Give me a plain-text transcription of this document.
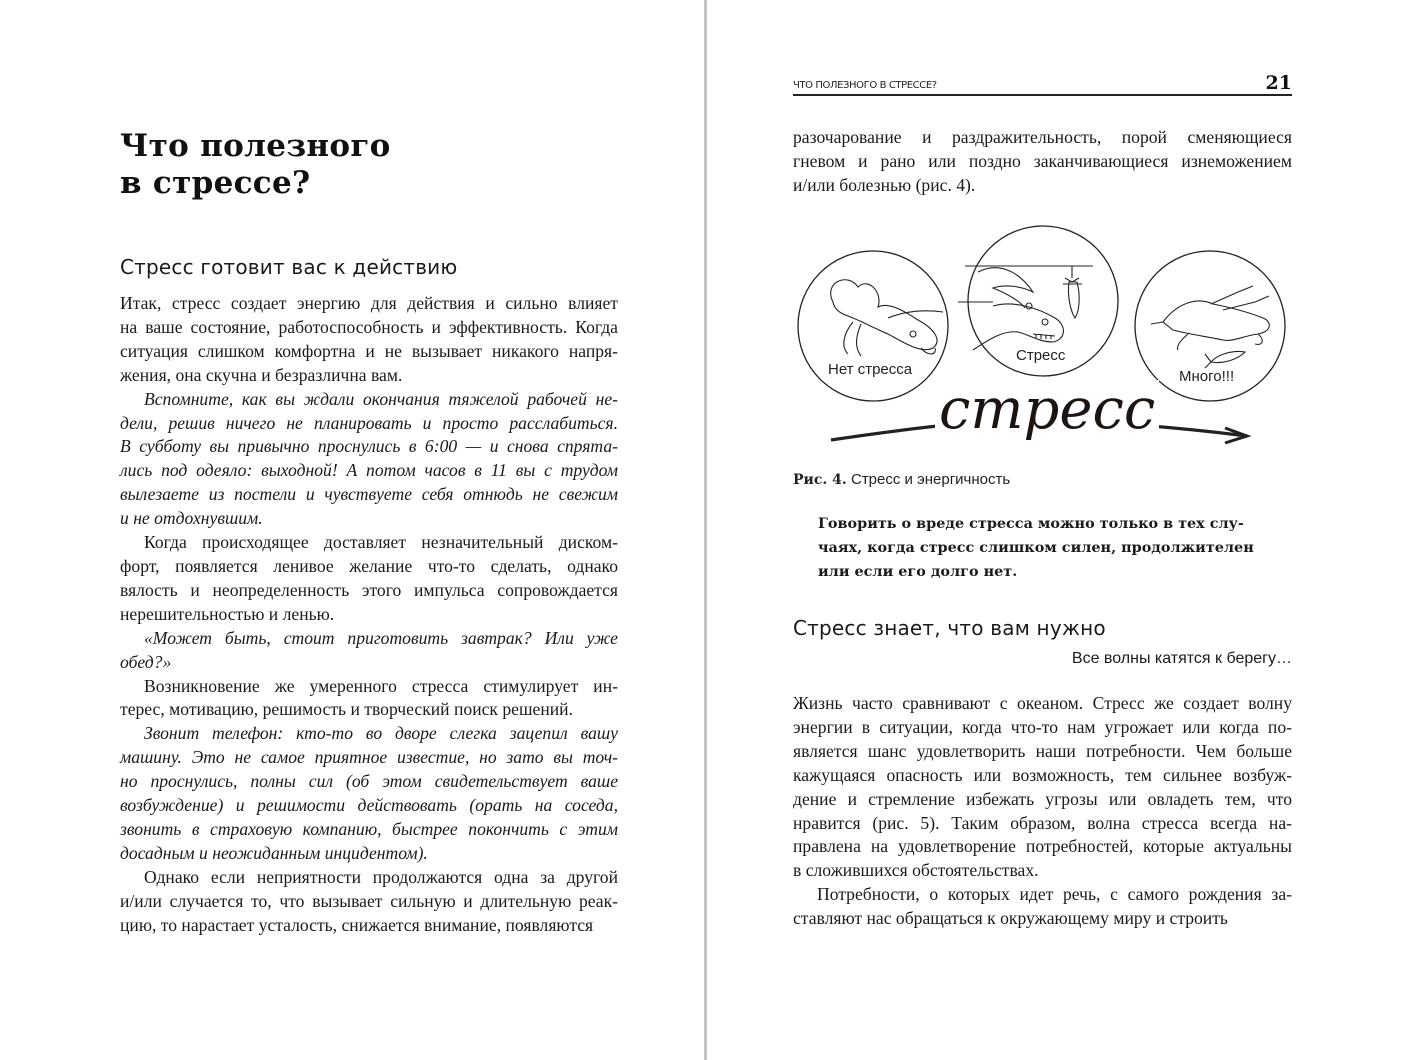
Что полезного
в стрессе?
Стресс готовит вас к действию
Итак, стресс создает энергию для действия и сильно влияет
на ваше состояние, работоспособность и эффективность. Когда
ситуация слишком комфортна и не вызывает никакого напря-
жения, она скучна и безразлична вам.
Вспомните, как вы ждали окончания тяжелой рабочей не-
дели, решив ничего не планировать и просто расслабиться.
В субботу вы привычно проснулись в 6:00 — и снова спрята-
лись под одеяло: выходной! А потом часов в 11 вы с трудом
вылезаете из постели и чувствуете себя отнюдь не свежим
и не отдохнувшим.
Когда происходящее доставляет незначительный диском-
форт, появляется ленивое желание что-то сделать, однако
вялость и неопределенность этого импульса сопровождается
нерешительностью и ленью.
«Может быть, стоит приготовить завтрак? Или уже
обед?»
Возникновение же умеренного стресса стимулирует ин-
терес, мотивацию, решимость и творческий поиск решений.
Звонит телефон: кто-то во дворе слегка зацепил вашу
машину. Это не самое приятное известие, но зато вы точ-
но проснулись, полны сил (об этом свидетельствует ваше
возбуждение) и решимости действовать (орать на соседа,
звонить в страховую компанию, быстрее покончить с этим
досадным и неожиданным инцидентом).
Однако если неприятности продолжаются одна за другой
и/или случается то, что вызывает сильную и длительную реак-
цию, то нарастает усталость, снижается внимание, появляются
ЧТО ПОЛЕЗНОГО В СТРЕССЕ?	21
разочарование и раздражительность, порой сменяющиеся
гневом и рано или поздно заканчивающиеся изнеможением
и/или болезнью (рис. 4).
Нет стресса
Стресс
Много!!!
стресс
Рис. 4. Стресс и энергичность
Говорить о вреде стресса можно только в тех слу-
чаях, когда стресс слишком силен, продолжителен
или если его долго нет.
Стресс знает, что вам нужно
Все волны катятся к берегу…
Жизнь часто сравнивают с океаном. Стресс же создает волну
энергии в ситуации, когда что-то нам угрожает или когда по-
является шанс удовлетворить наши потребности. Чем больше
кажущаяся опасность или возможность, тем сильнее возбуж-
дение и стремление избежать угрозы или овладеть тем, что
нравится (рис. 5). Таким образом, волна стресса всегда на-
правлена на удовлетворение потребностей, которые актуальны
в сложившихся обстоятельствах.
Потребности, о которых идет речь, с самого рождения за-
ставляют нас обращаться к окружающему миру и строить
